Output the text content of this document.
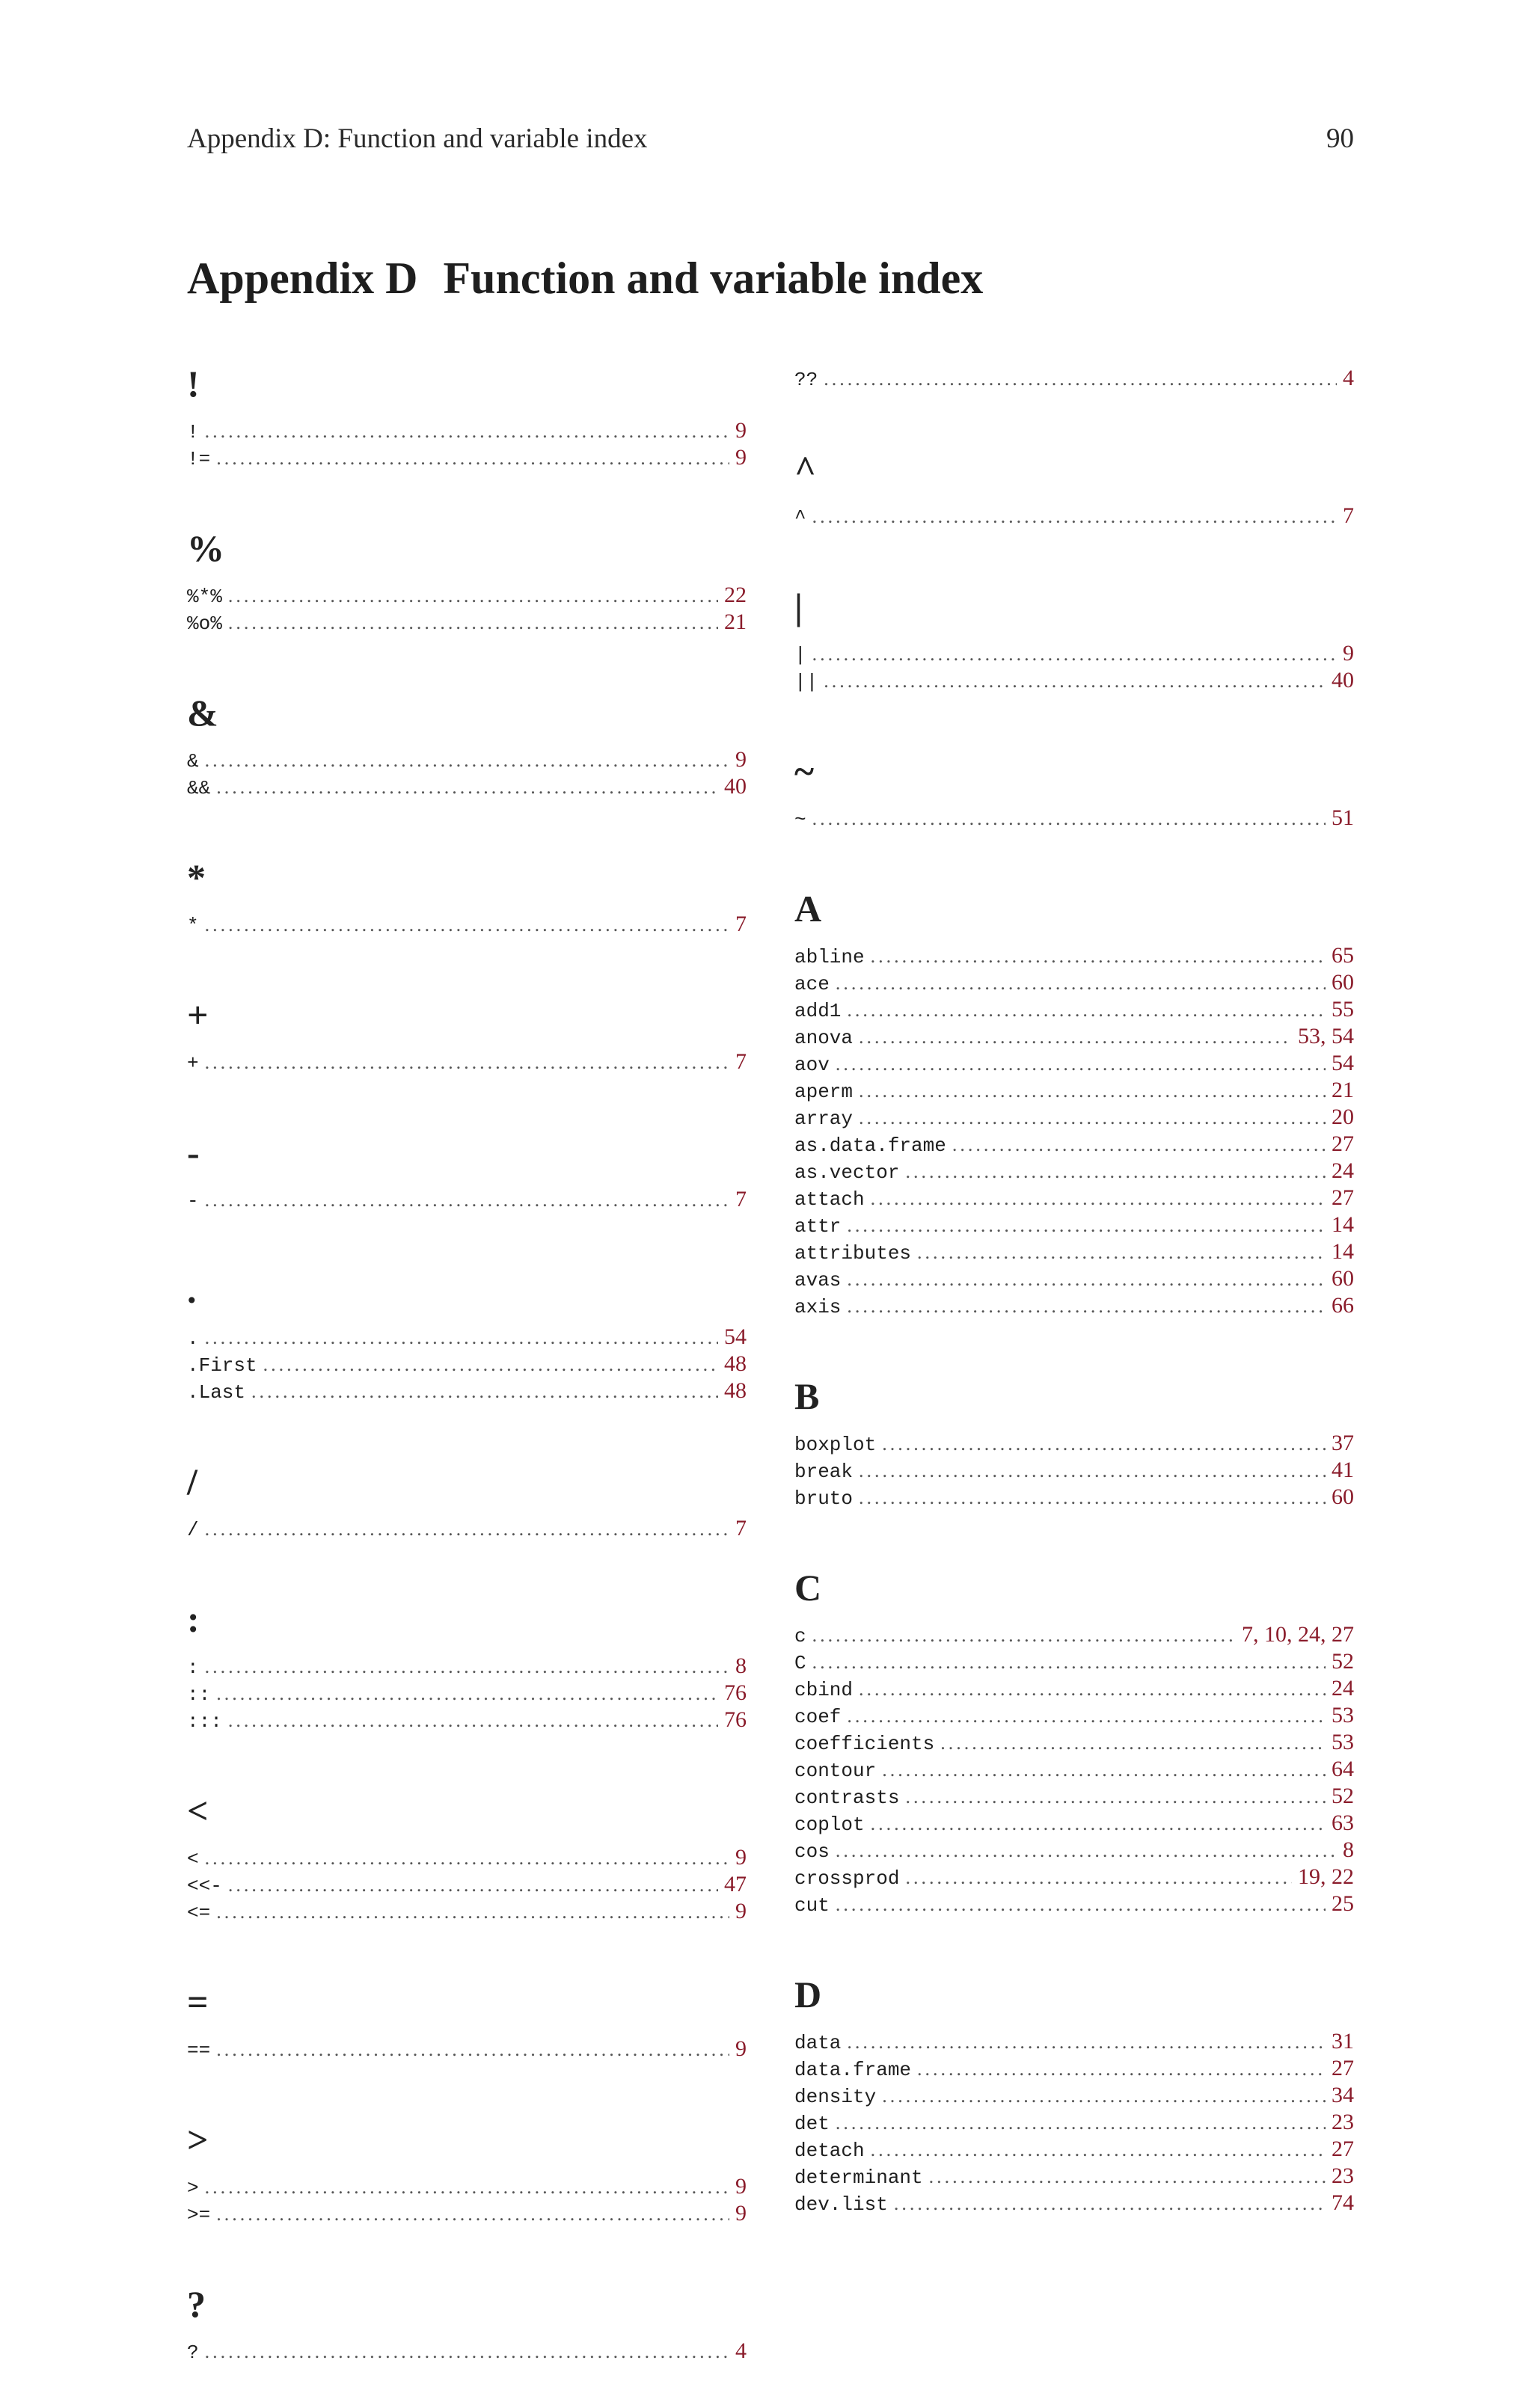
Appendix D: Function and variable index	90
Appendix D Function and variable index
!
! .....	9
!= .....	9
%
%*% .....	22
%o% .....	21
&
& .....	9
&& .....	40
*
* .....	7
+
+ .....	7
-
- .....	7
.
. .....	54
.First .....	48
.Last .....	48
/
/ .....	7
:
: .....	8
:: .....	76
::: .....	76
<
< .....	9
<<- .....	47
<= .....	9
=
== .....	9
>
> .....	9
>= .....	9
?
? .....	4
?? .....	4
^
^ .....	7
|
| .....	9
|| .....	40
~
~ .....	51
A
abline .....	65
ace .....	60
add1 .....	55
anova .....	53, 54
aov .....	54
aperm .....	21
array .....	20
as.data.frame .....	27
as.vector .....	24
attach .....	27
attr .....	14
attributes .....	14
avas .....	60
axis .....	66
B
boxplot .....	37
break .....	41
bruto .....	60
C
c .....	7, 10, 24, 27
C .....	52
cbind .....	24
coef .....	53
coefficients .....	53
contour .....	64
contrasts .....	52
coplot .....	63
cos .....	8
crossprod .....	19, 22
cut .....	25
D
data .....	31
data.frame .....	27
density .....	34
det .....	23
detach .....	27
determinant .....	23
dev.list .....	74
